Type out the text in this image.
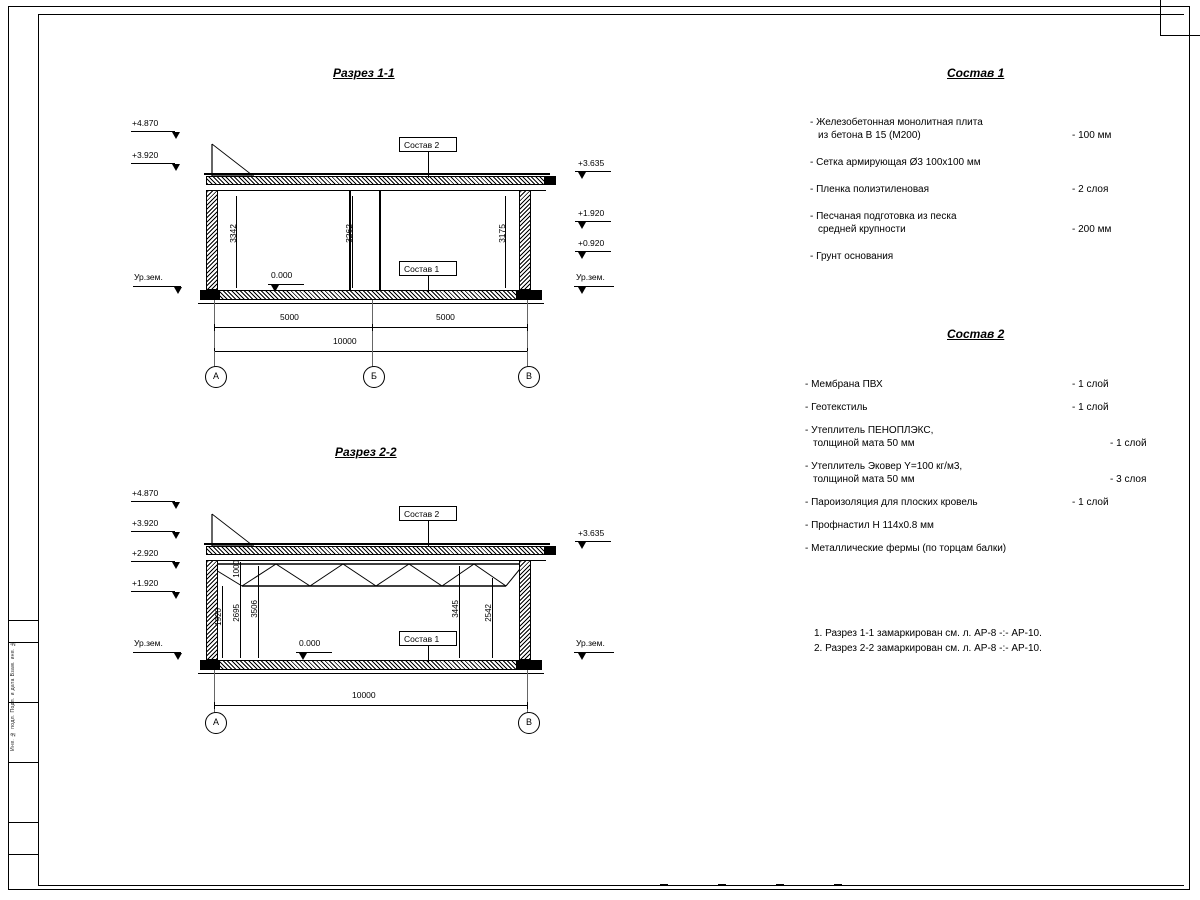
Инв. № подл. Подп. и дата Взам. инв. №
Разрез 1-1
+4.870
+3.920
+3.635
+1.920
+0.920
Ур.зем.	Ур.зем.
3342	3262	3175
0.000
Состав 2
Состав 1
5000	5000
10000
А	Б	В
Разрез 2-2
+4.870
+3.920
+2.920
+1.920
+3.635
Ур.зем.	Ур.зем.
1920 2695 3506
1000
3445	2542
0.000
Состав 2
Состав 1
10000
А	В
Состав 1
- Железобетонная монолитная плита
из бетона В 15 (М200)	- 100 мм
- Сетка армирующая Ø3 100х100 мм
- Пленка полиэтиленовая	- 2 слоя
- Песчаная подготовка из песка
средней крупности	- 200 мм
- Грунт основания
Состав 2
- Мембрана ПВХ	- 1 слой
- Геотекстиль	- 1 слой
- Утеплитель ПЕНОПЛЭКС,
толщиной мата 50 мм	- 1 слой
- Утеплитель Эковер Y=100 кг/м3,
толщиной мата 50 мм	- 3 слоя
- Пароизоляция для плоских кровель	- 1 слой
- Профнастил Н 114х0.8 мм
- Металлические фермы (по торцам балки)
1. Разрез 1-1 замаркирован см. л. АР-8 -:- АР-10.
2. Разрез 2-2 замаркирован см. л. АР-8 -:- АР-10.
